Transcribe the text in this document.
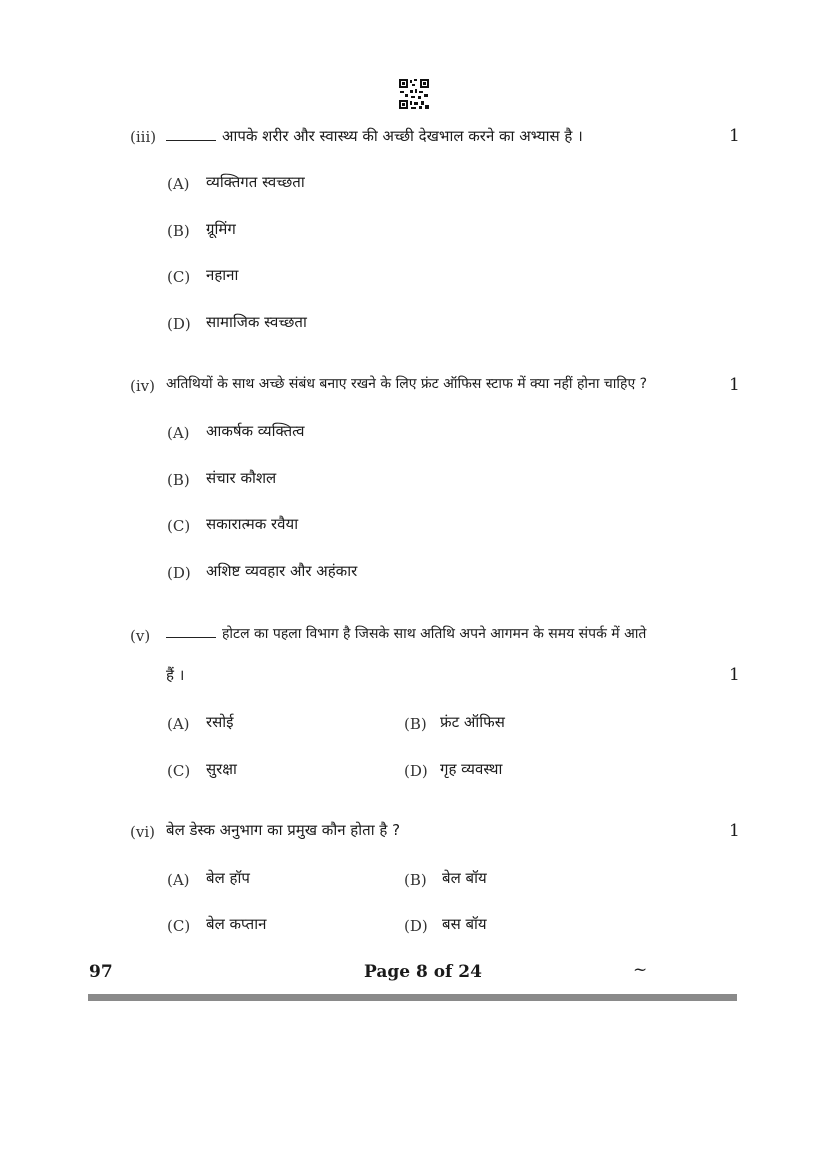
(iii)	आपके शरीर और स्वास्थ्य की अच्छी देखभाल करने का अभ्यास है ।	1
(A) व्यक्तिगत स्वच्छता
(B) ग्रूमिंग
(C) नहाना
(D) सामाजिक स्वच्छता
(iv) अतिथियों के साथ अच्छे संबंध बनाए रखने के लिए फ्रंट ऑफिस स्टाफ में क्या नहीं होना चाहिए ?	1
(A) आकर्षक व्यक्तित्व
(B) संचार कौशल
(C) सकारात्मक रवैया
(D) अशिष्ट व्यवहार और अहंकार
(v)	होटल का पहला विभाग है जिसके साथ अतिथि अपने आगमन के समय संपर्क में आते
हैं ।	1
(A) रसोई	(B) फ्रंट ऑफिस
(C) सुरक्षा	(D) गृह व्यवस्था
(vi) बेल डेस्क अनुभाग का प्रमुख कौन होता है ?	1
(A) बेल हॉप	(B) बेल बॉय
(C) बेल कप्तान	(D) बस बॉय
97	Page 8 of 24	~
